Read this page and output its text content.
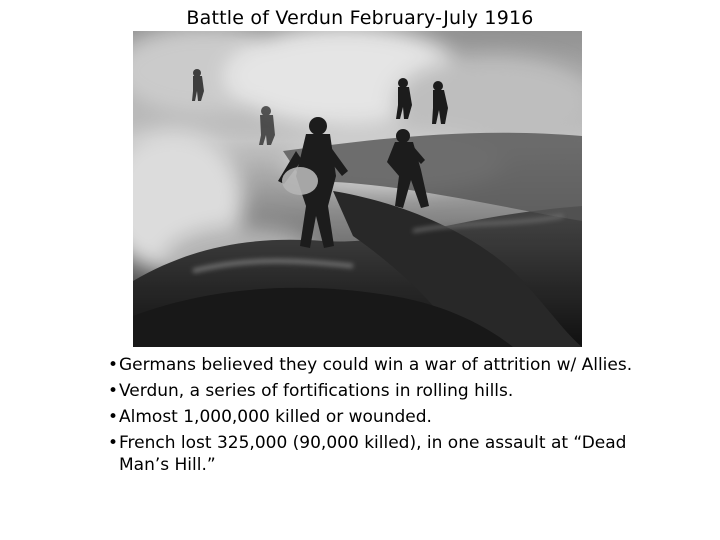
Battle of Verdun February-July 1916
• Germans believed they could win a war of attrition w/ Allies.
• Verdun, a series of fortifications in rolling hills.
• Almost 1,000,000 killed or wounded.
• French lost 325,000 (90,000 killed), in one assault at “Dead Man’s Hill.”
